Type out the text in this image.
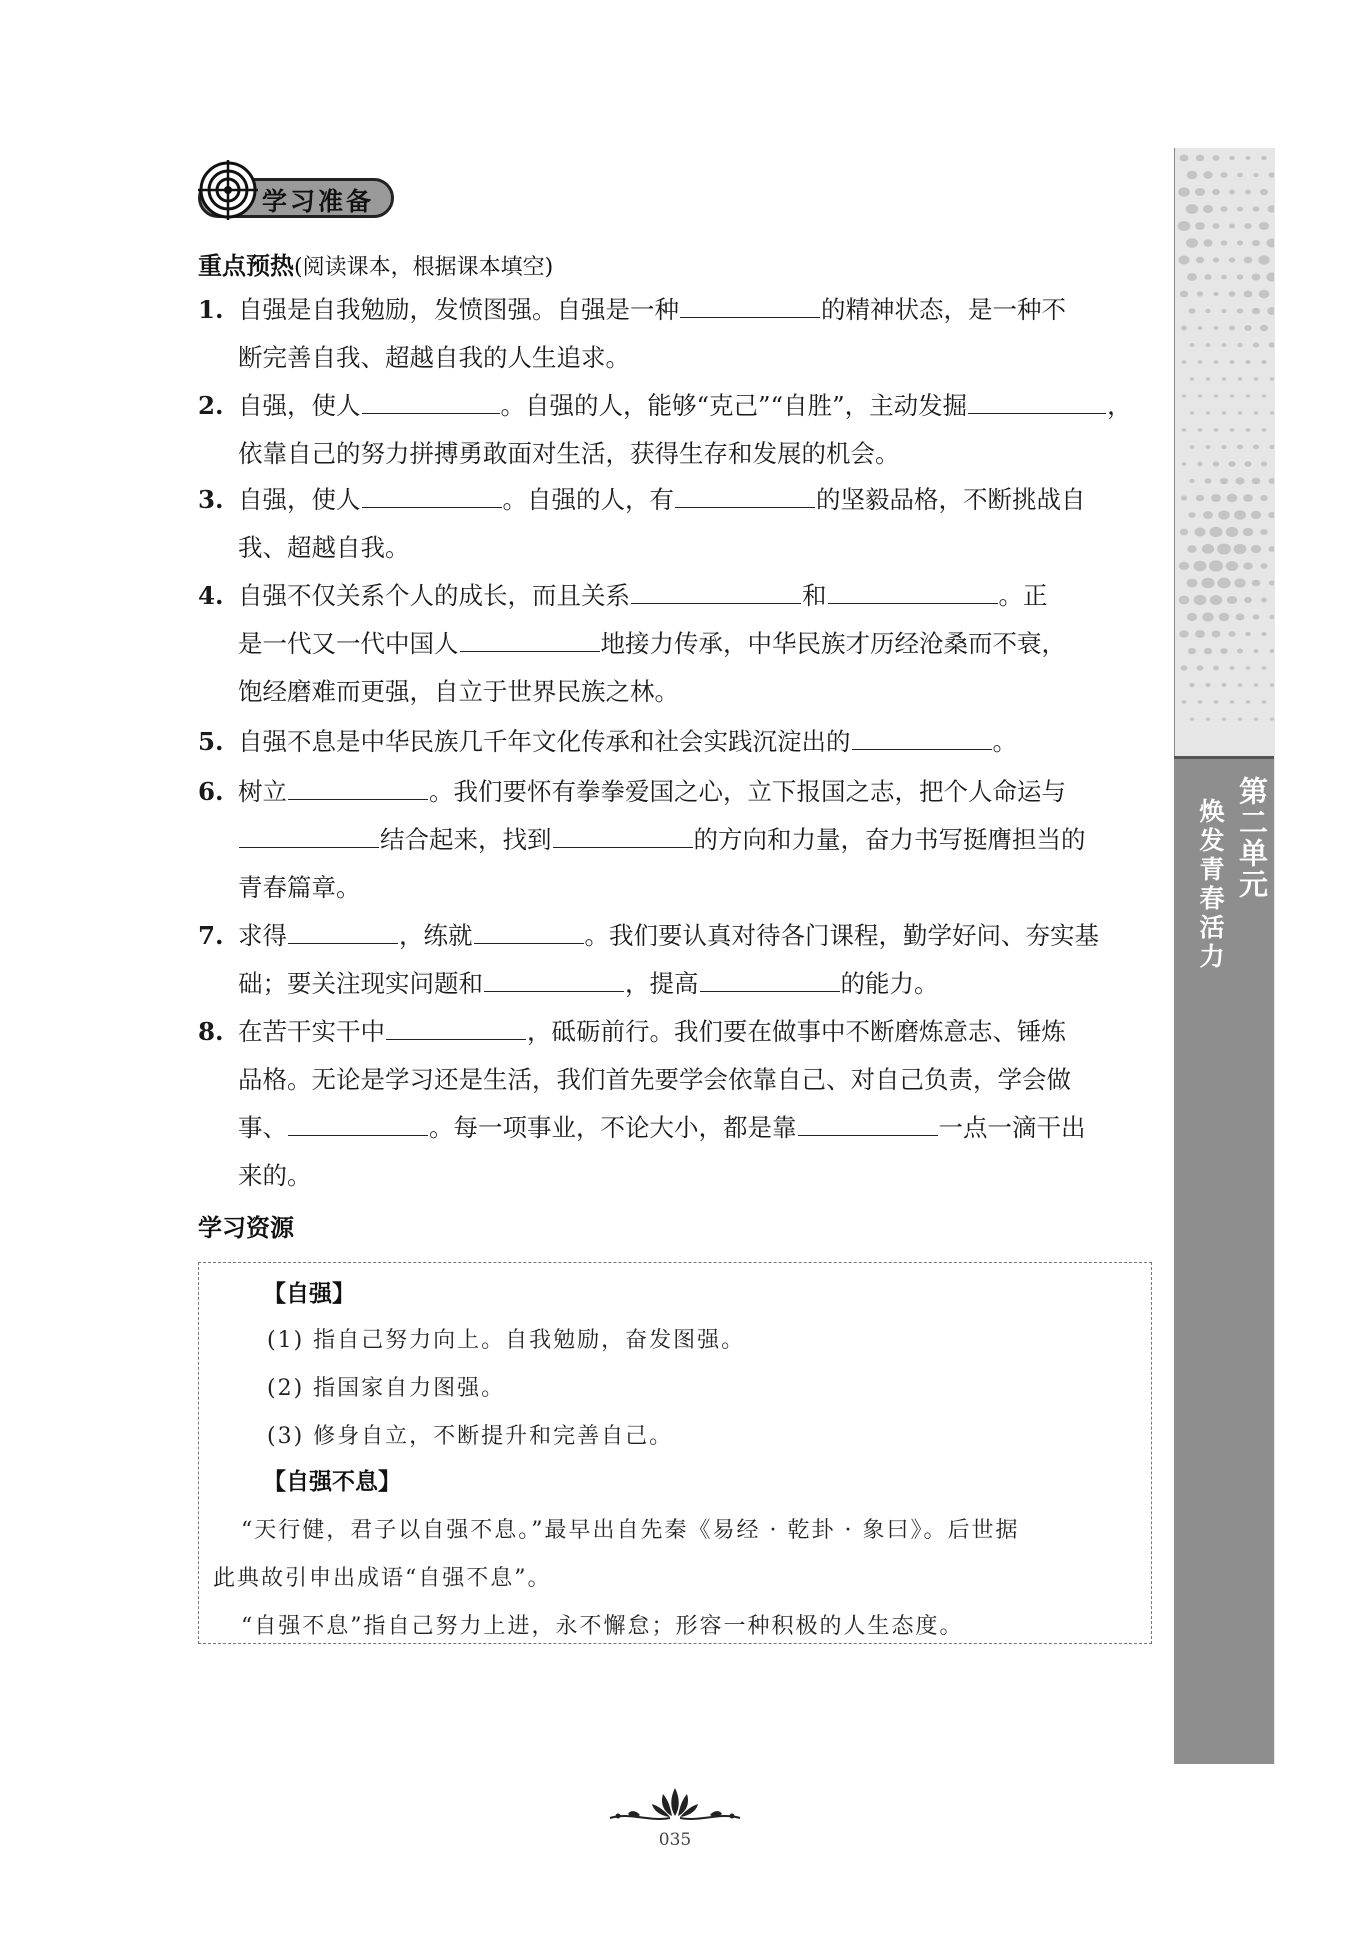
学习准备
重点预热(阅读课本，根据课本填空)
1. 自强是自我勉励，发愤图强。自强是一种	的精神状态，是一种不
断完善自我、超越自我的人生追求。
2. 自强，使人	。自强的人，能够“克己”“自胜”，主动发掘	，
依靠自己的努力拼搏勇敢面对生活，获得生存和发展的机会。
3. 自强，使人	。自强的人，有	的坚毅品格，不断挑战自
我、超越自我。
4. 自强不仅关系个人的成长，而且关系	和	。正
是一代又一代中国人	地接力传承，中华民族才历经沧桑而不衰，
饱经磨难而更强，自立于世界民族之林。
5. 自强不息是中华民族几千年文化传承和社会实践沉淀出的	。
6. 树立	。我们要怀有拳拳爱国之心，立下报国之志，把个人命运与
结合起来，找到	的方向和力量，奋力书写挺膺担当的
青春篇章。
7. 求得	，练就	。我们要认真对待各门课程，勤学好问、夯实基
础；要关注现实问题和	，提高	的能力。
8. 在苦干实干中	，砥砺前行。我们要在做事中不断磨炼意志、锤炼
品格。无论是学习还是生活，我们首先要学会依靠自己、对自己负责，学会做
事、	。每一项事业，不论大小，都是靠	一点一滴干出
来的。
学习资源
【自强】
(1) 指自己努力向上。自我勉励，奋发图强。
(2) 指国家自力图强。
(3) 修身自立，不断提升和完善自己。
【自强不息】
“天行健，君子以自强不息。”最早出自先秦《易经 · 乾卦 · 象曰》。后世据
此典故引申出成语“自强不息”。
“自强不息”指自己努力上进，永不懈怠；形容一种积极的人生态度。
第二单元
焕发青春活力
035
